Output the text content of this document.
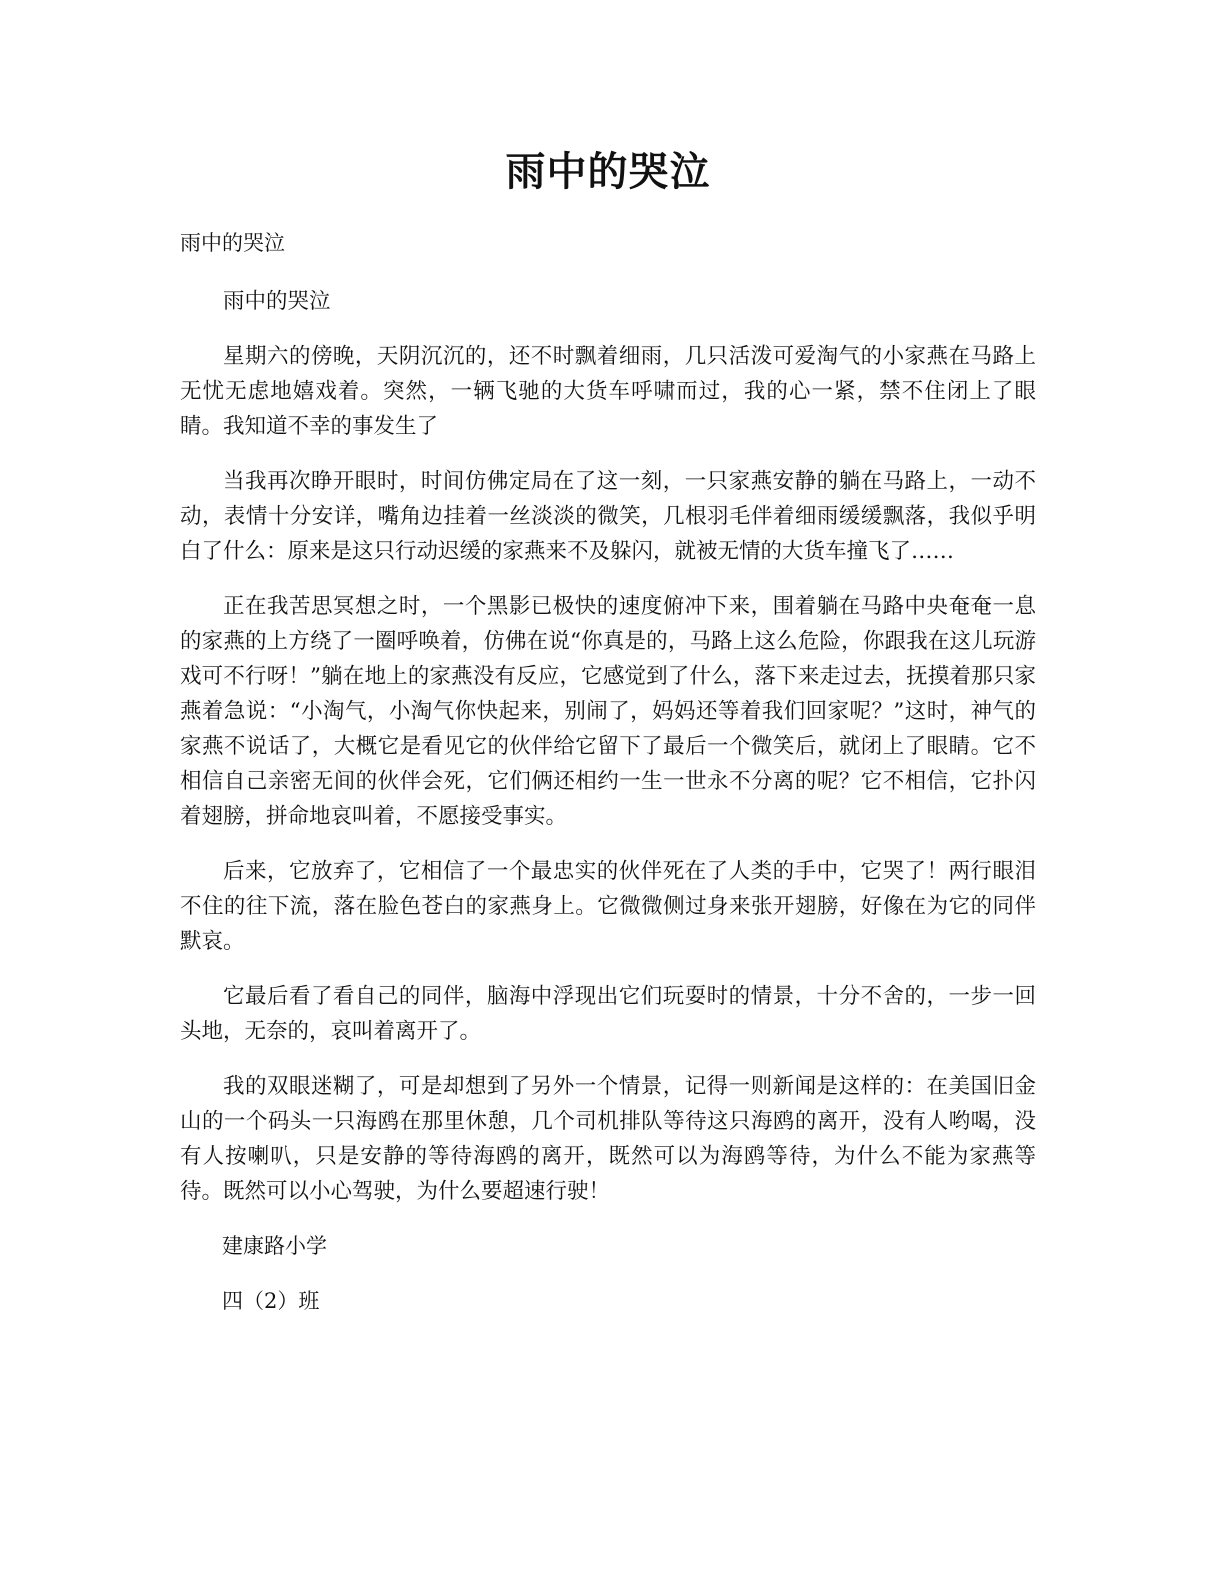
雨中的哭泣
雨中的哭泣

雨中的哭泣

星期六的傍晚，天阴沉沉的，还不时飘着细雨，几只活泼可爱淘气的小家燕在马路上无忧无虑地嬉戏着。突然，一辆飞驰的大货车呼啸而过，我的心一紧，禁不住闭上了眼睛。我知道不幸的事发生了

当我再次睁开眼时，时间仿佛定局在了这一刻，一只家燕安静的躺在马路上，一动不动，表情十分安详，嘴角边挂着一丝淡淡的微笑，几根羽毛伴着细雨缓缓飘落，我似乎明白了什么：原来是这只行动迟缓的家燕来不及躲闪，就被无情的大货车撞飞了……

正在我苦思冥想之时，一个黑影已极快的速度俯冲下来，围着躺在马路中央奄奄一息的家燕的上方绕了一圈呼唤着，仿佛在说“你真是的，马路上这么危险，你跟我在这儿玩游戏可不行呀！”躺在地上的家燕没有反应，它感觉到了什么，落下来走过去，抚摸着那只家燕着急说：“小淘气，小淘气你快起来，别闹了，妈妈还等着我们回家呢？”这时，神气的家燕不说话了，大概它是看见它的伙伴给它留下了最后一个微笑后，就闭上了眼睛。它不相信自己亲密无间的伙伴会死，它们俩还相约一生一世永不分离的呢？它不相信，它扑闪着翅膀，拼命地哀叫着，不愿接受事实。

后来，它放弃了，它相信了一个最忠实的伙伴死在了人类的手中，它哭了！两行眼泪不住的往下流，落在脸色苍白的家燕身上。它微微侧过身来张开翅膀，好像在为它的同伴默哀。

它最后看了看自己的同伴，脑海中浮现出它们玩耍时的情景，十分不舍的，一步一回头地，无奈的，哀叫着离开了。

我的双眼迷糊了，可是却想到了另外一个情景，记得一则新闻是这样的：在美国旧金山的一个码头一只海鸥在那里休憩，几个司机排队等待这只海鸥的离开，没有人哟喝，没有人按喇叭，只是安静的等待海鸥的离开，既然可以为海鸥等待，为什么不能为家燕等待。既然可以小心驾驶，为什么要超速行驶！

建康路小学

四（2）班
